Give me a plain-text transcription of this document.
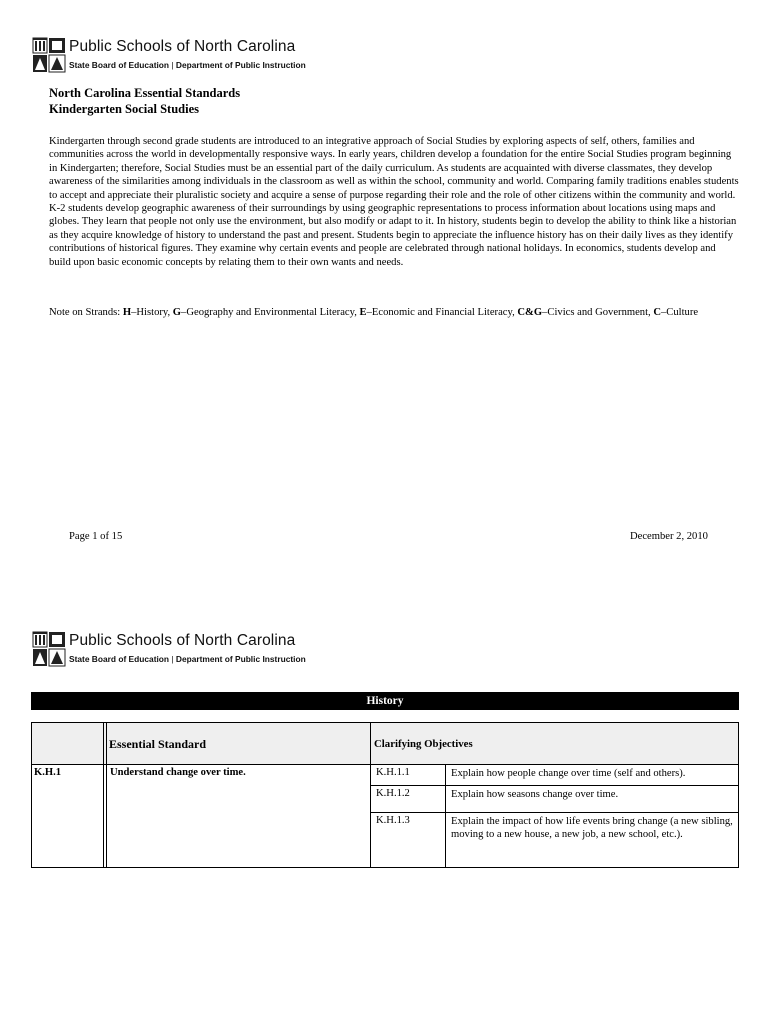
Public Schools of North Carolina
State Board of Education | Department of Public Instruction
North Carolina Essential Standards
Kindergarten Social Studies
Kindergarten through second grade students are introduced to an integrative approach of Social Studies by exploring aspects of self, others, families and communities across the world in developmentally responsive ways. In early years, children develop a foundation for the entire Social Studies program beginning in Kindergarten; therefore, Social Studies must be an essential part of the daily curriculum. As students are acquainted with diverse classmates, they develop awareness of the similarities among individuals in the classroom as well as within the school, community and world. Comparing family traditions enables students to accept and appreciate their pluralistic society and acquire a sense of purpose regarding their role and the role of other citizens within the community and world. K-2 students develop geographic awareness of their surroundings by using geographic representations to process information about locations using maps and globes. They learn that people not only use the environment, but also modify or adapt to it. In history, students begin to develop the ability to think like a historian as they acquire knowledge of history to understand the past and present. Students begin to appreciate the influence history has on their daily lives as they identify contributions of historical figures. They examine why certain events and people are celebrated through national holidays. In economics, students develop and build upon basic economic concepts by relating them to their own wants and needs.
Note on Strands: H–History, G–Geography and Environmental Literacy, E–Economic and Financial Literacy, C&G–Civics and Government, C–Culture
Page 1 of 15	December 2, 2010
Public Schools of North Carolina
State Board of Education | Department of Public Instruction
History
Essential Standard	Clarifying Objectives
K.H.1	Understand change over time.	K.H.1.1	Explain how people change over time (self and others).
K.H.1.2	Explain how seasons change over time.
K.H.1.3	Explain the impact of how life events bring change (a new sibling, moving to a new house, a new job, a new school, etc.).
